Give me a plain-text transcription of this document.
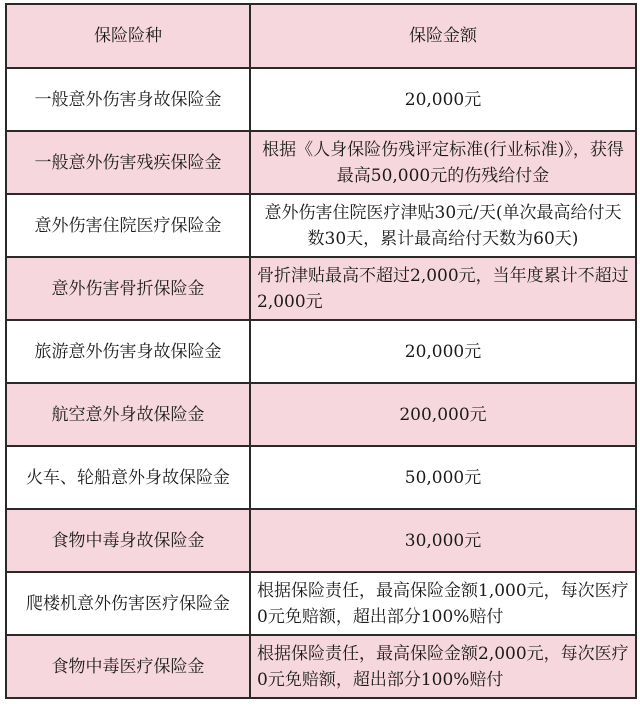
保险险种	保险金额
一般意外伤害身故保险金	20,000元
一般意外伤害残疾保险金	根据《人身保险伤残评定标准(行业标准)》，获得最高50,000元的伤残给付金
意外伤害住院医疗保险金	意外伤害住院医疗津贴30元/天(单次最高给付天数30天，累计最高给付天数为60天)
意外伤害骨折保险金	骨折津贴最高不超过2,000元，当年度累计不超过2,000元
旅游意外伤害身故保险金	20,000元
航空意外身故保险金	200,000元
火车、轮船意外身故保险金	50,000元
食物中毒身故保险金	30,000元
爬楼机意外伤害医疗保险金	根据保险责任，最高保险金额1,000元，每次医疗0元免赔额，超出部分100%赔付
食物中毒医疗保险金	根据保险责任，最高保险金额2,000元，每次医疗0元免赔额，超出部分100%赔付
